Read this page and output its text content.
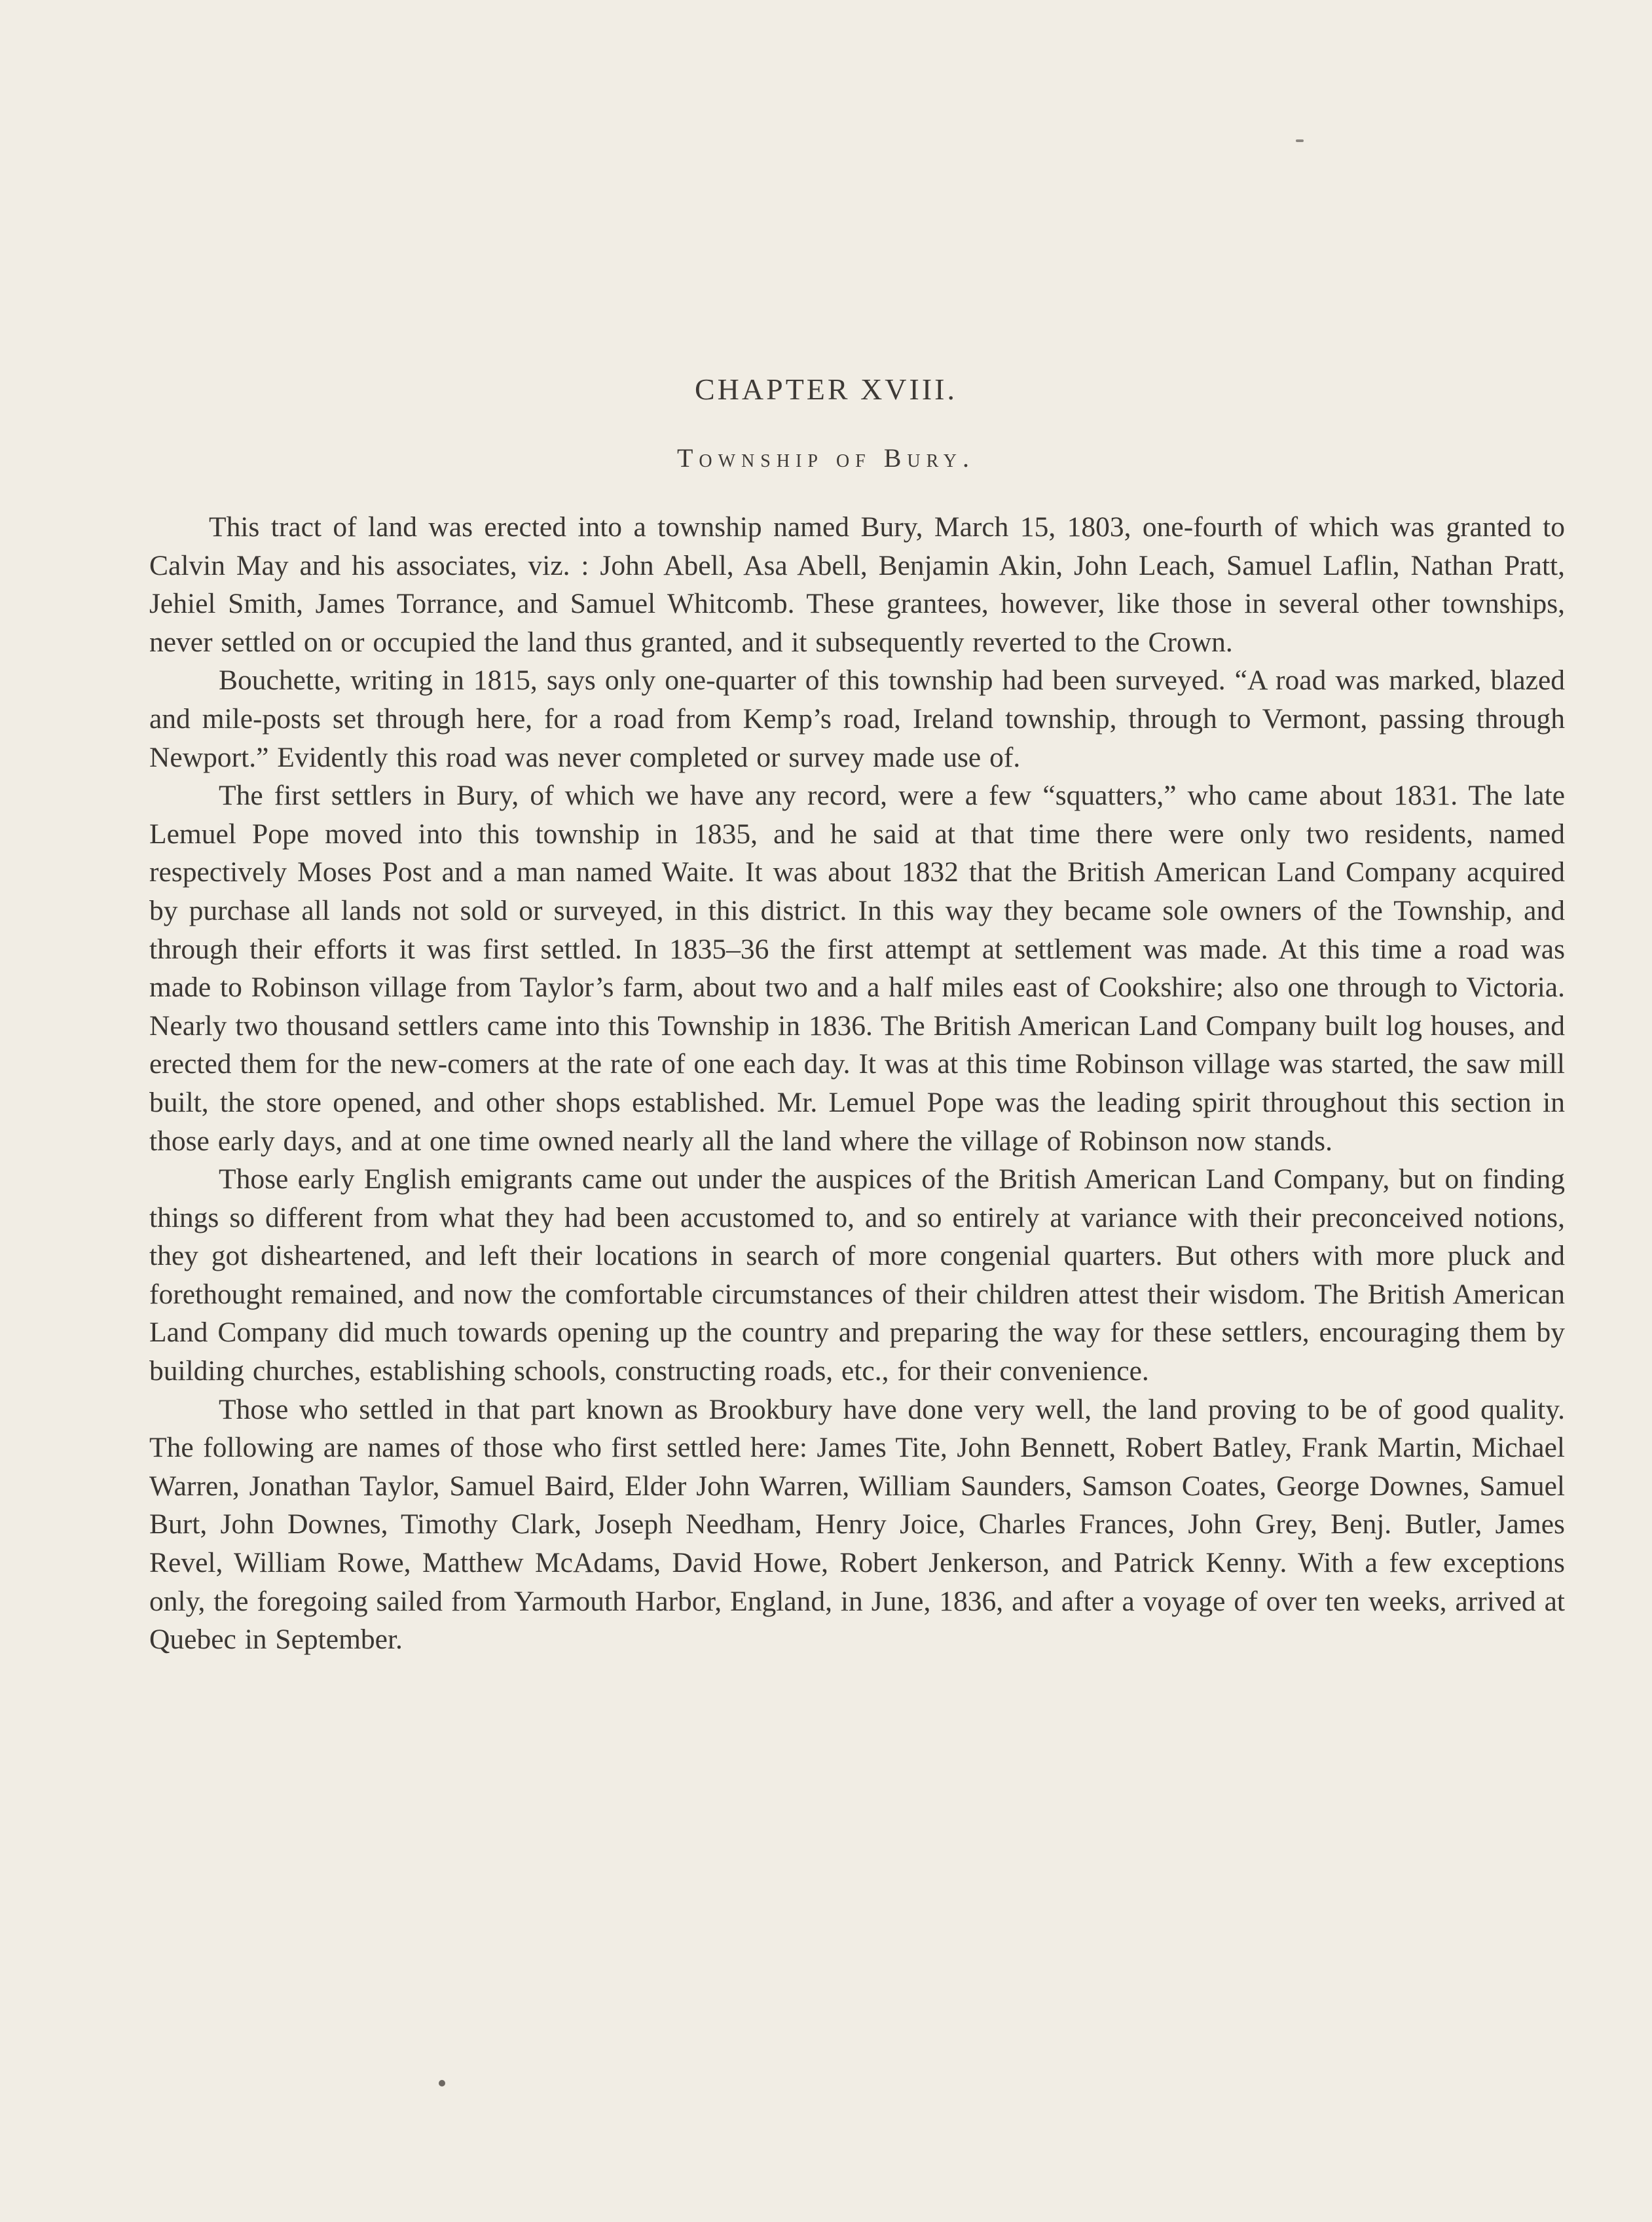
CHAPTER XVIII.
Township of Bury.

This tract of land was erected into a township named Bury, March 15, 1803, one-fourth of which was granted to Calvin May and his associates, viz. : John Abell, Asa Abell, Benjamin Akin, John Leach, Samuel Laflin, Nathan Pratt, Jehiel Smith, James Torrance, and Samuel Whitcomb. These grantees, however, like those in several other townships, never settled on or occupied the land thus granted, and it subsequently reverted to the Crown.

Bouchette, writing in 1815, says only one-quarter of this township had been surveyed. “A road was marked, blazed and mile-posts set through here, for a road from Kemp’s road, Ireland township, through to Vermont, passing through Newport.” Evidently this road was never completed or survey made use of.

The first settlers in Bury, of which we have any record, were a few “squatters,” who came about 1831. The late Lemuel Pope moved into this township in 1835, and he said at that time there were only two residents, named respectively Moses Post and a man named Waite. It was about 1832 that the British American Land Company acquired by purchase all lands not sold or surveyed, in this district. In this way they became sole owners of the Township, and through their efforts it was first settled. In 1835–36 the first attempt at settlement was made. At this time a road was made to Robinson village from Taylor’s farm, about two and a half miles east of Cookshire; also one through to Victoria. Nearly two thousand settlers came into this Township in 1836. The British American Land Company built log houses, and erected them for the new-comers at the rate of one each day. It was at this time Robinson village was started, the saw mill built, the store opened, and other shops established. Mr. Lemuel Pope was the leading spirit throughout this section in those early days, and at one time owned nearly all the land where the village of Robinson now stands.

Those early English emigrants came out under the auspices of the British American Land Company, but on finding things so different from what they had been accustomed to, and so entirely at variance with their preconceived notions, they got disheartened, and left their locations in search of more congenial quarters. But others with more pluck and forethought remained, and now the comfortable circumstances of their children attest their wisdom. The British American Land Company did much towards opening up the country and preparing the way for these settlers, encouraging them by building churches, establishing schools, constructing roads, etc., for their convenience.

Those who settled in that part known as Brookbury have done very well, the land proving to be of good quality. The following are names of those who first settled here: James Tite, John Bennett, Robert Batley, Frank Martin, Michael Warren, Jonathan Taylor, Samuel Baird, Elder John Warren, William Saunders, Samson Coates, George Downes, Samuel Burt, John Downes, Timothy Clark, Joseph Needham, Henry Joice, Charles Frances, John Grey, Benj. Butler, James Revel, William Rowe, Matthew McAdams, David Howe, Robert Jenkerson, and Patrick Kenny. With a few exceptions only, the foregoing sailed from Yarmouth Harbor, England, in June, 1836, and after a voyage of over ten weeks, arrived at Quebec in September.
